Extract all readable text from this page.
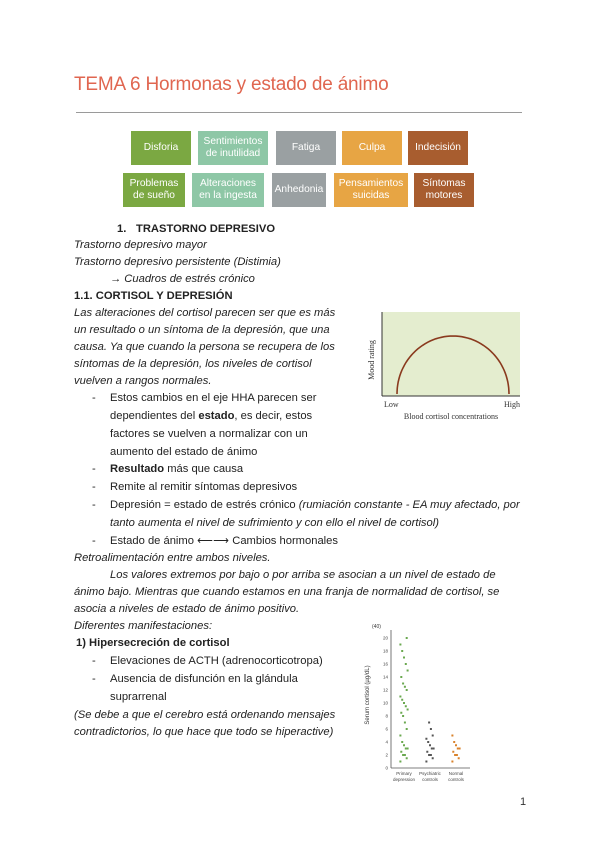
TEMA 6 Hormonas y estado de ánimo
Disforia
Sentimientos
de inutilidad
Fatiga	Culpa	Indecisión
Problemas
de sueño
Alteraciones
en la ingesta
Anhedonia
Pensamientos
suicidas
Síntomas
motores
1. TRASTORNO DEPRESIVO
Trastorno depresivo mayor
Trastorno depresivo persistente (Distimia)
→ Cuadros de estrés crónico
1.1. CORTISOL Y DEPRESIÓN
Las alteraciones del cortisol parecen ser que es más
un resultado o un síntoma de la depresión, que una
causa. Ya que cuando la persona se recupera de los
síntomas de la depresión, los niveles de cortisol
vuelven a rangos normales.
- Estos cambios en el eje HHA parecen ser
dependientes del estado, es decir, estos
factores se vuelven a normalizar con un
aumento del estado de ánimo
- Resultado más que causa
- Remite al remitir síntomas depresivos
- Depresión = estado de estrés crónico (rumiación constante - EA muy afectado, por
tanto aumenta el nivel de sufrimiento y con ello el nivel de cortisol)
- Estado de ánimo ⟵⟶ Cambios hormonales
Retroalimentación entre ambos niveles.
Los valores extremos por bajo o por arriba se asocian a un nivel de estado de
ánimo bajo. Mientras que cuando estamos en una franja de normalidad de cortisol, se
asocia a niveles de estado de ánimo positivo.
Diferentes manifestaciones:
1) Hipersecreción de cortisol
- Elevaciones de ACTH (adrenocorticotropa)
- Ausencia de disfunción en la glándula
suprarrenal
(Se debe a que el cerebro está ordenando mensajes
contradictorios, lo que hace que todo se hiperactive)
Mood rating
Low	High
Blood cortisol concentrations
Serum cortisol (µg/dL)
(40)
0
2
4
6
8
10
12
14
16
18
20
Primary
depression
Psychiatric
controls
Normal
controls
1
